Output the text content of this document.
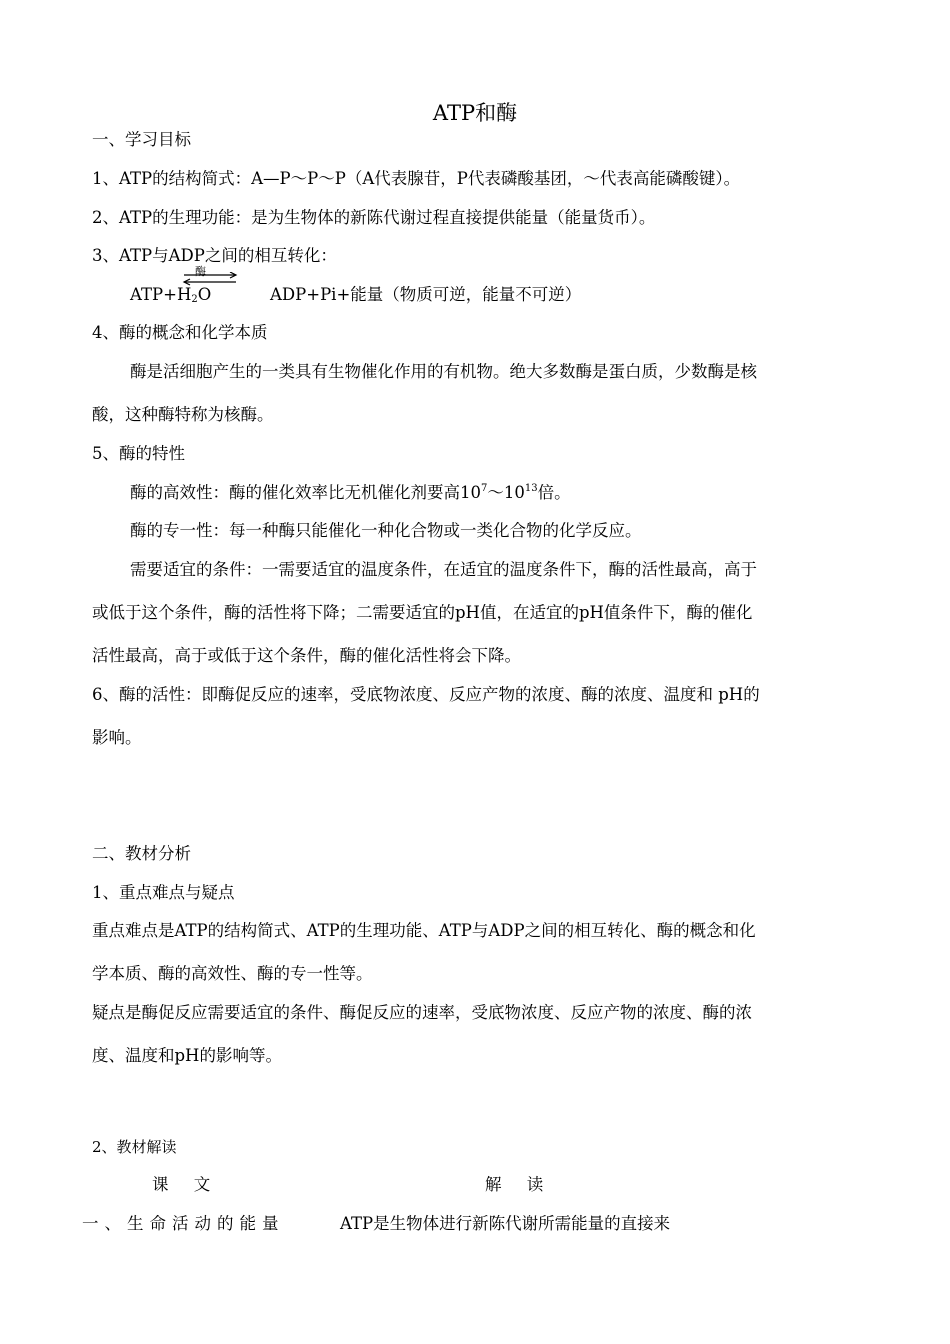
ATP和酶
一、学习目标
1、ATP的结构简式：A—P～P～P（A代表腺苷，P代表磷酸基团，～代表高能磷酸键）。
2、ATP的生理功能：是为生物体的新陈代谢过程直接提供能量（能量货币）。
3、ATP与ADP之间的相互转化：
$ATP+H_2O$
酶
ADP+Pi+能量（物质可逆，能量不可逆）
4、酶的概念和化学本质
酶是活细胞产生的一类具有生物催化作用的有机物。绝大多数酶是蛋白质，少数酶是核
酸，这种酶特称为核酶。
5、酶的特性
酶的高效性：酶的催化效率比无机催化剂要高$10^7\sim 10^{13}$倍。
酶的专一性：每一种酶只能催化一种化合物或一类化合物的化学反应。
需要适宜的条件：一需要适宜的温度条件，在适宜的温度条件下，酶的活性最高，高于
或低于这个条件，酶的活性将下降；二需要适宜的pH值，在适宜的pH值条件下，酶的催化
活性最高，高于或低于这个条件，酶的催化活性将会下降。
6、酶的活性：即酶促反应的速率，受底物浓度、反应产物的浓度、酶的浓度、温度和 pH的
影响。
二、教材分析
1、重点难点与疑点
重点难点是ATP的结构简式、ATP的生理功能、ATP与ADP之间的相互转化、酶的概念和化
学本质、酶的高效性、酶的专一性等。
疑点是酶促反应需要适宜的条件、酶促反应的速率，受底物浓度、反应产物的浓度、酶的浓
度、温度和pH的影响等。
2、教材解读
课 文	解 读
一、生命活动的能量	ATP是生物体进行新陈代谢所需能量的直接来
